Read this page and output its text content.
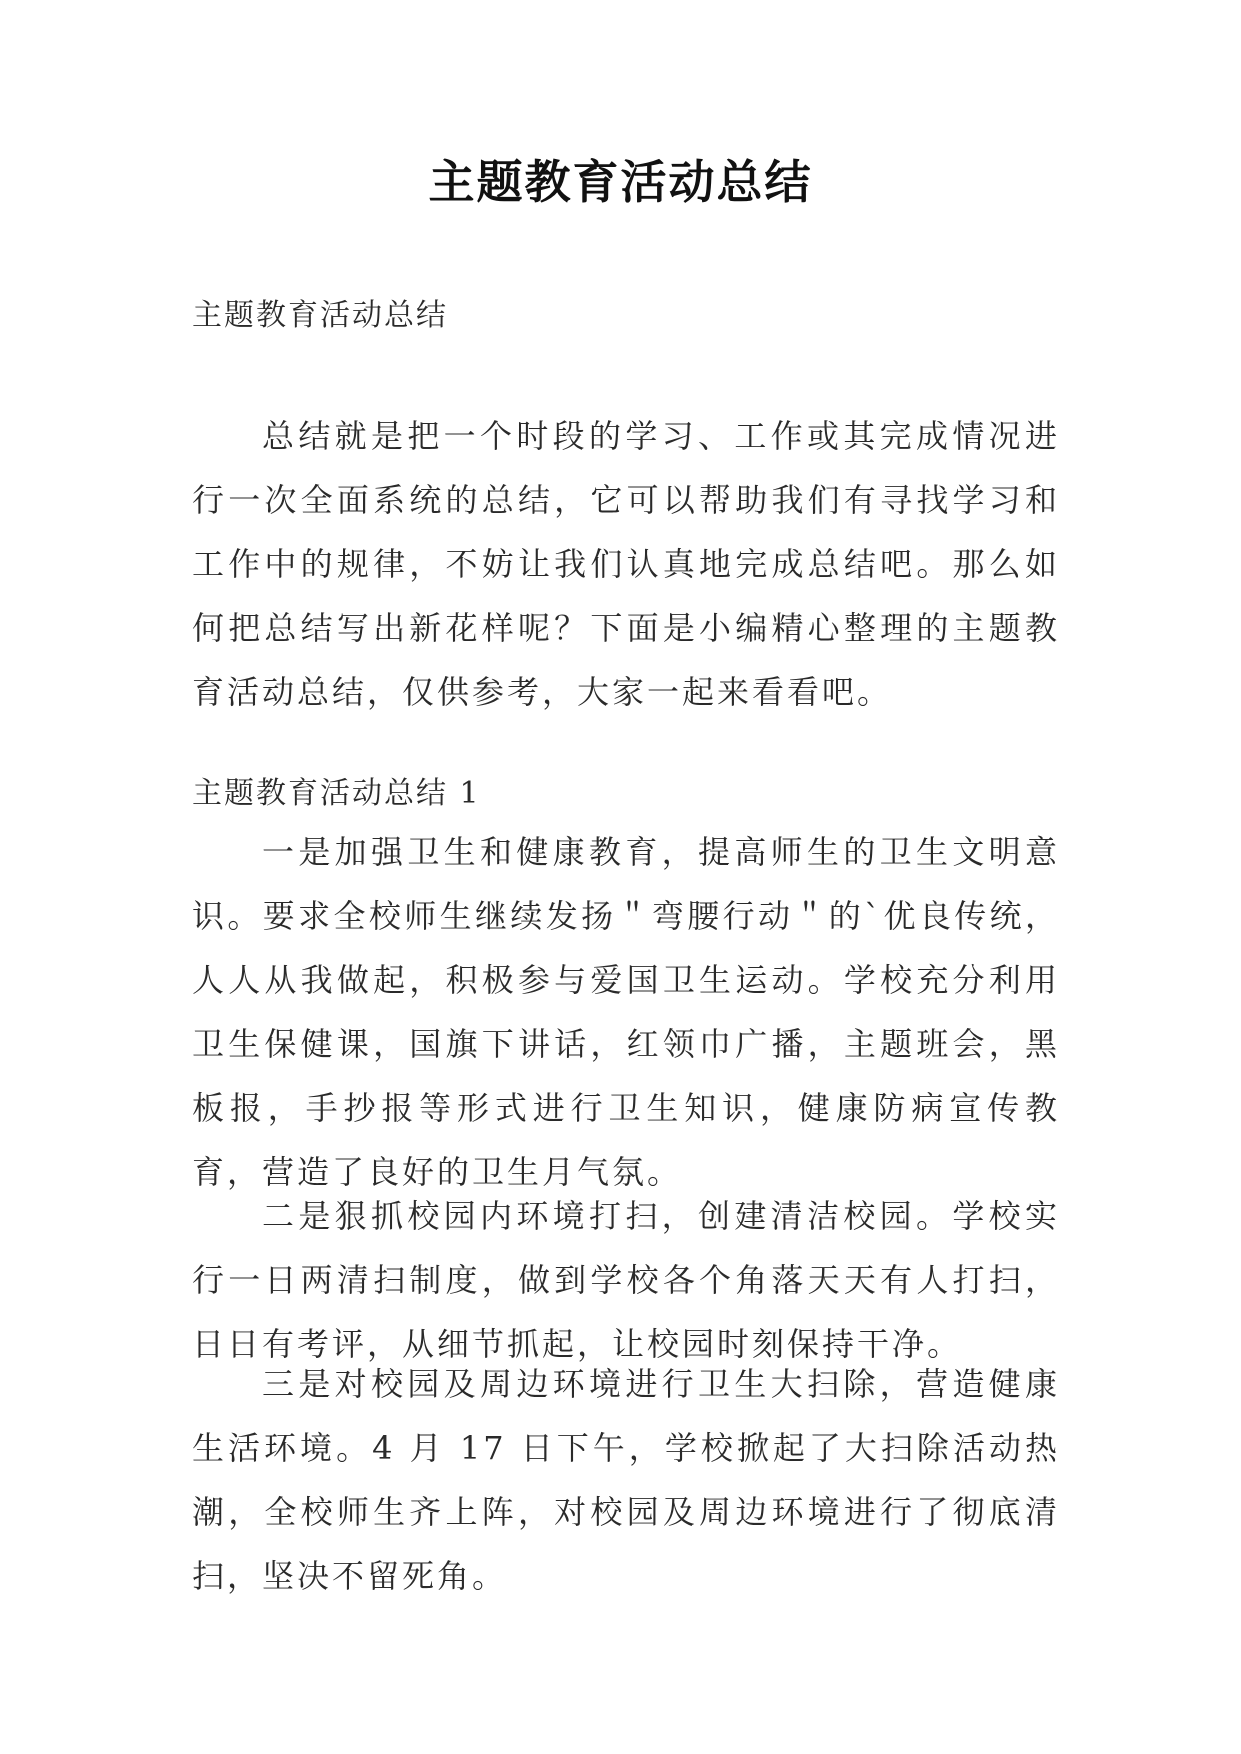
主题教育活动总结

主题教育活动总结

总结就是把一个时段的学习、工作或其完成情况进行一次全面系统的总结，它可以帮助我们有寻找学习和工作中的规律，不妨让我们认真地完成总结吧。那么如何把总结写出新花样呢？下面是小编精心整理的主题教育活动总结，仅供参考，大家一起来看看吧。

主题教育活动总结 1

一是加强卫生和健康教育，提高师生的卫生文明意识。要求全校师生继续发扬＂弯腰行动＂的`优良传统，人人从我做起，积极参与爱国卫生运动。学校充分利用卫生保健课，国旗下讲话，红领巾广播，主题班会，黑板报，手抄报等形式进行卫生知识，健康防病宣传教育，营造了良好的卫生月气氛。

二是狠抓校园内环境打扫，创建清洁校园。学校实行一日两清扫制度，做到学校各个角落天天有人打扫，日日有考评，从细节抓起，让校园时刻保持干净。

三是对校园及周边环境进行卫生大扫除，营造健康生活环境。4 月 17 日下午，学校掀起了大扫除活动热潮，全校师生齐上阵，对校园及周边环境进行了彻底清扫，坚决不留死角。
